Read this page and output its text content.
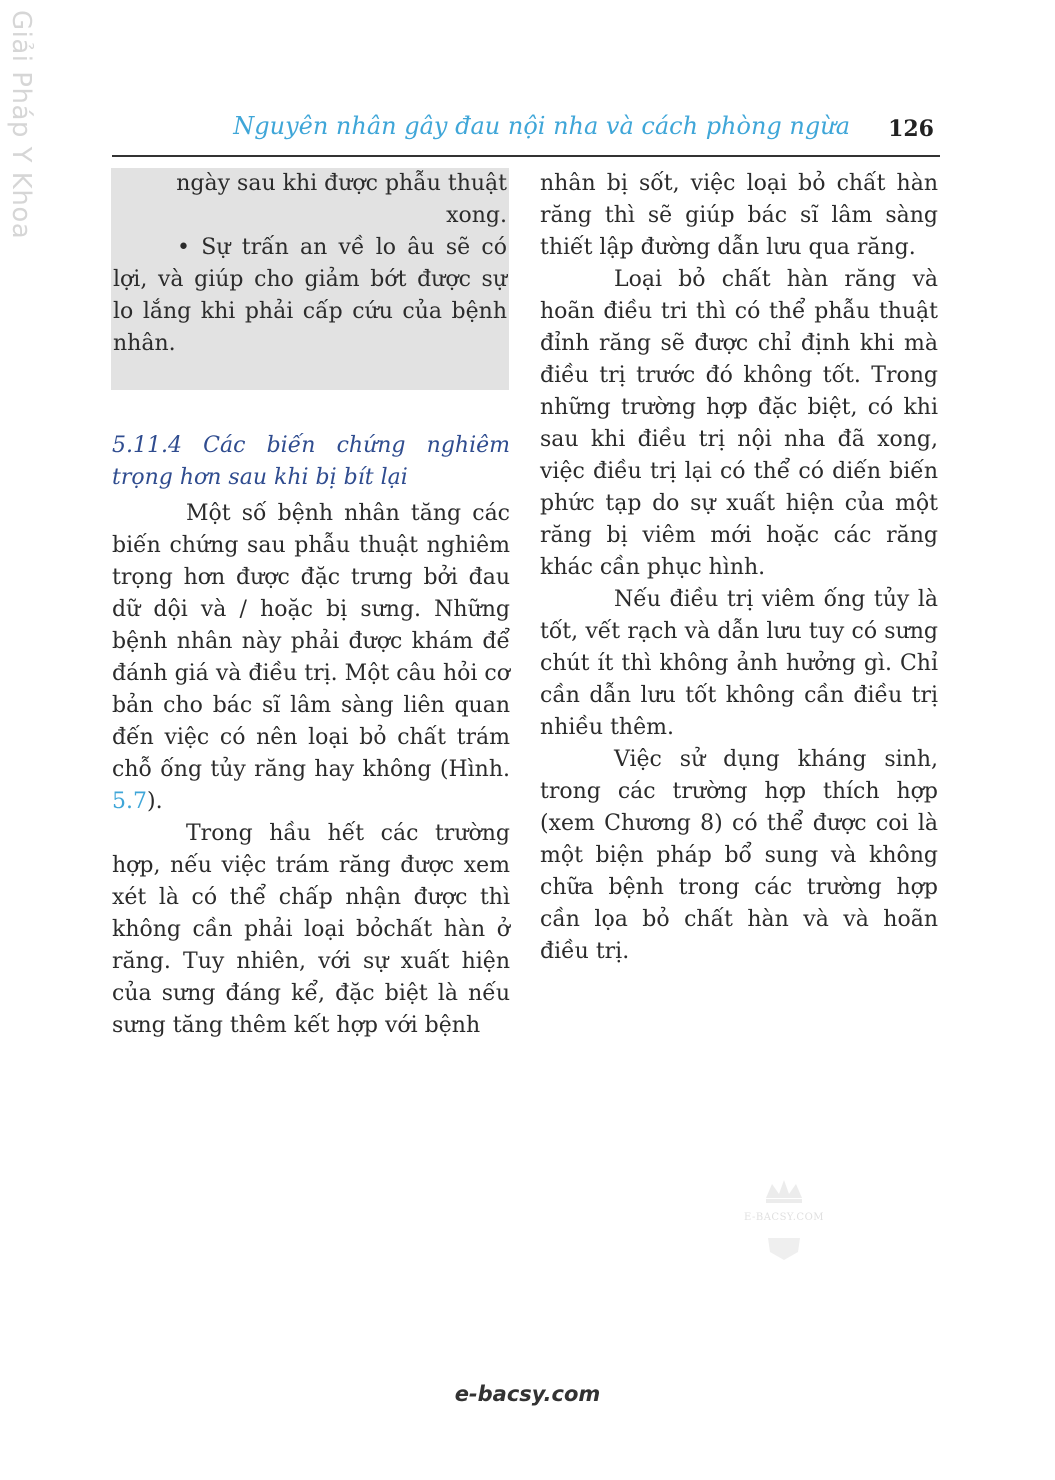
Giải Pháp Y Khoa	Nguyên nhân gây đau nội nha và cách phòng ngừa 126

ngày sau khi được phẫu thuật xong.

• Sự trấn an về lo âu sẽ có lợi, và giúp cho giảm bớt được sự lo lắng khi phải cấp cứu của bệnh nhân.

5.11.4 Các biến chứng nghiêm trọng hơn sau khi bị bít lại

Một số bệnh nhân tăng các biến chứng sau phẫu thuật nghiêm trọng hơn được đặc trưng bởi đau dữ dội và / hoặc bị sưng. Những bệnh nhân này phải được khám để đánh giá và điều trị. Một câu hỏi cơ bản cho bác sĩ lâm sàng liên quan đến việc có nên loại bỏ chất trám chỗ ống tủy răng hay không (Hình. 5.7).

Trong hầu hết các trường hợp, nếu việc trám răng được xem xét là có thể chấp nhận được thì không cần phải loại bỏchất hàn ở răng. Tuy nhiên, với sự xuất hiện của sưng đáng kể, đặc biệt là nếu sưng tăng thêm kết hợp với bệnh

nhân bị sốt, việc loại bỏ chất hàn răng thì sẽ giúp bác sĩ lâm sàng thiết lập đường dẫn lưu qua răng.

Loại bỏ chất hàn răng và hoãn điều tri thì có thể phẫu thuật đỉnh răng sẽ được chỉ định khi mà điều trị trước đó không tốt. Trong những trường hợp đặc biệt, có khi sau khi điều trị nội nha đã xong, việc điều trị lại có thể có diến biến phức tạp do sự xuất hiện của một răng bị viêm mới hoặc các răng khác cần phục hình.

Nếu điều trị viêm ống tủy là tốt, vết rạch và dẫn lưu tuy có sưng chút ít thì không ảnh hưởng gì. Chỉ cần dẫn lưu tốt không cần điều trị nhiều thêm.

Việc sử dụng kháng sinh, trong các trường hợp thích hợp (xem Chương 8) có thể được coi là một biện pháp bổ sung và không chữa bệnh trong các trường hợp cần lọa bỏ chất hàn và và hoãn điều trị.

E-BACSY.COM
e-bacsy.com
